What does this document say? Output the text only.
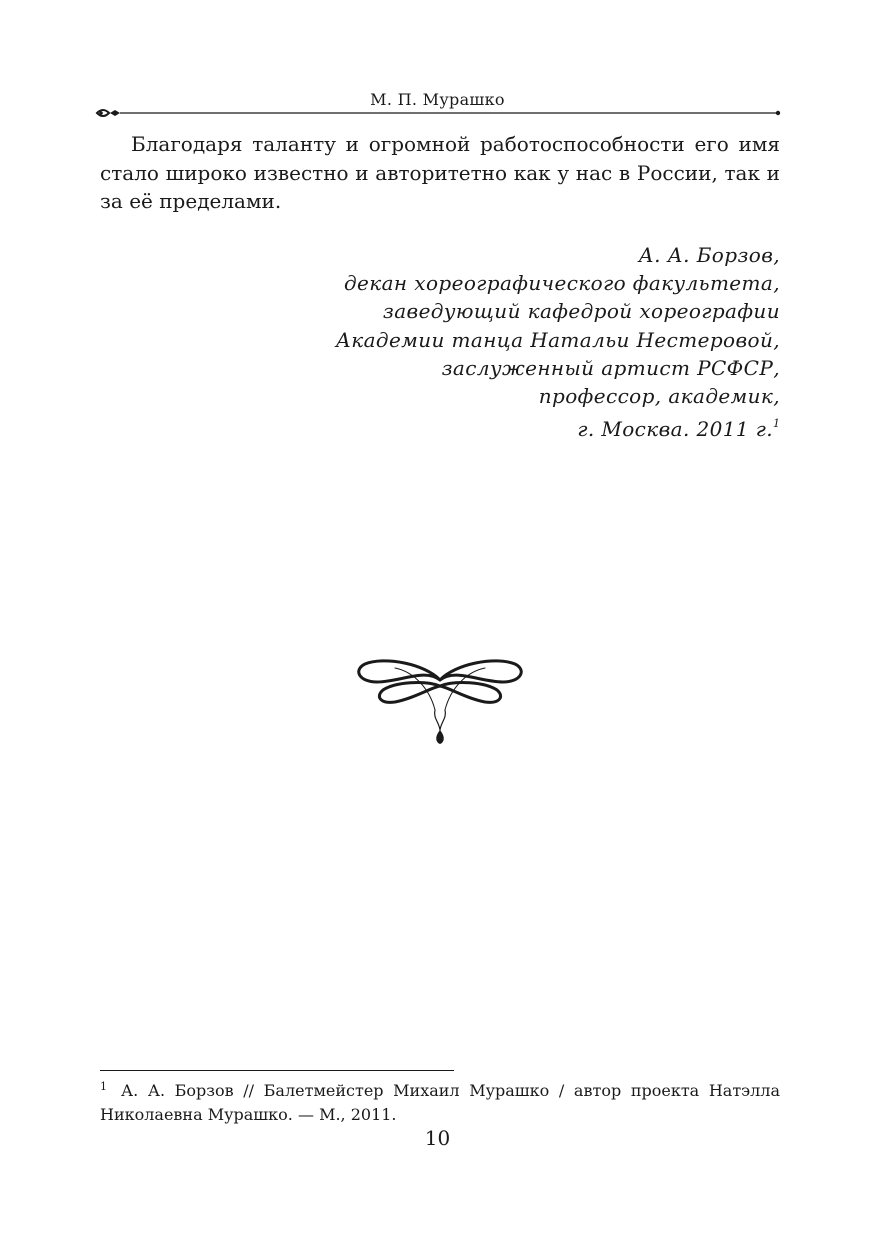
М. П. Мурашко

Благодаря таланту и огромной работоспособности его имя стало широко известно и авторитетно как у нас в России, так и за её пределами.

А. А. Борзов,
декан хореографического факультета,
заведующий кафедрой хореографии
Академии танца Натальи Нестеровой,
заслуженный артист РСФСР,
профессор, академик,
г. Москва. 2011 г.$^1$
$^1$ А. А. Борзов // Балетмейстер Михаил Мурашко / автор проекта Натэлла Николаевна Мурашко. — М., 2011.
10
